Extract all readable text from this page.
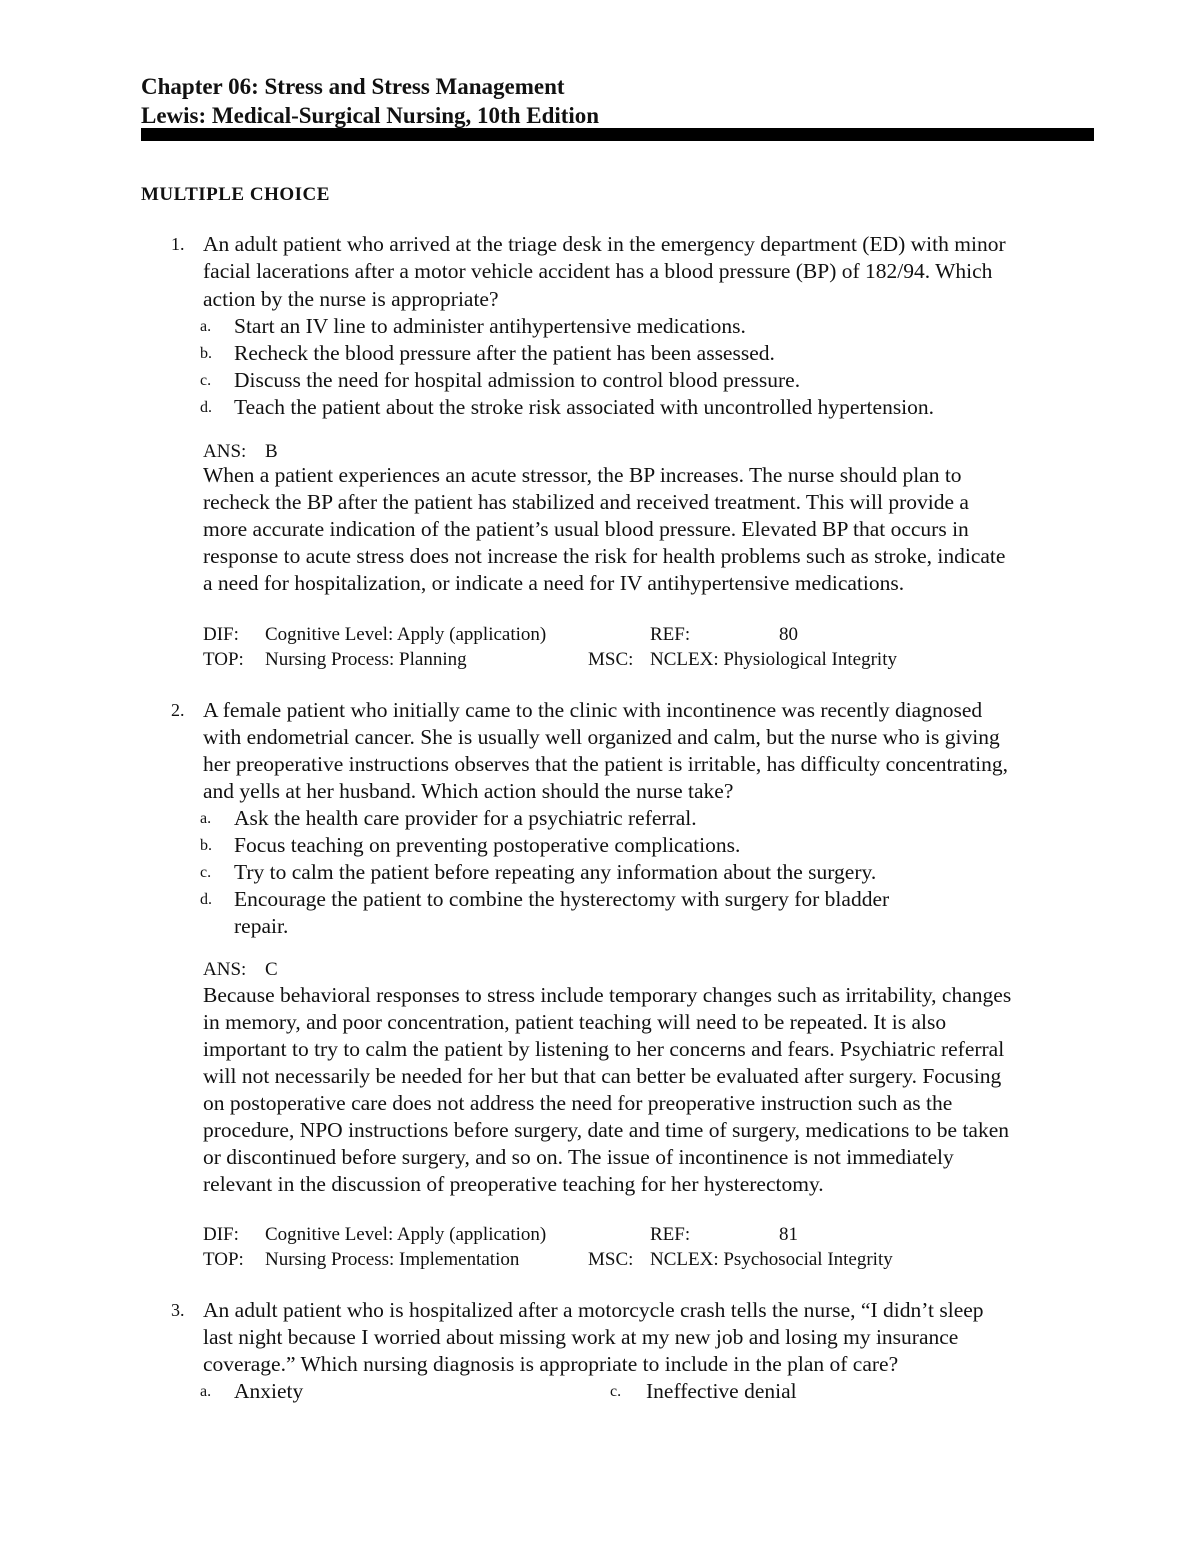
Chapter 06: Stress and Stress Management
Lewis: Medical-Surgical Nursing, 10th Edition
MULTIPLE CHOICE
1. An adult patient who arrived at the triage desk in the emergency department (ED) with minor
facial lacerations after a motor vehicle accident has a blood pressure (BP) of 182/94. Which
action by the nurse is appropriate?
a. Start an IV line to administer antihypertensive medications.
b. Recheck the blood pressure after the patient has been assessed.
c. Discuss the need for hospital admission to control blood pressure.
d. Teach the patient about the stroke risk associated with uncontrolled hypertension.
ANS: B
When a patient experiences an acute stressor, the BP increases. The nurse should plan to
recheck the BP after the patient has stabilized and received treatment. This will provide a
more accurate indication of the patient’s usual blood pressure. Elevated BP that occurs in
response to acute stress does not increase the risk for health problems such as stroke, indicate
a need for hospitalization, or indicate a need for IV antihypertensive medications.
DIF: Cognitive Level: Apply (application)	REF:	80
TOP: Nursing Process: Planning	MSC: NCLEX: Physiological Integrity
2. A female patient who initially came to the clinic with incontinence was recently diagnosed
with endometrial cancer. She is usually well organized and calm, but the nurse who is giving
her preoperative instructions observes that the patient is irritable, has difficulty concentrating,
and yells at her husband. Which action should the nurse take?
a. Ask the health care provider for a psychiatric referral.
b. Focus teaching on preventing postoperative complications.
c. Try to calm the patient before repeating any information about the surgery.
d. Encourage the patient to combine the hysterectomy with surgery for bladder
repair.
ANS: C
Because behavioral responses to stress include temporary changes such as irritability, changes
in memory, and poor concentration, patient teaching will need to be repeated. It is also
important to try to calm the patient by listening to her concerns and fears. Psychiatric referral
will not necessarily be needed for her but that can better be evaluated after surgery. Focusing
on postoperative care does not address the need for preoperative instruction such as the
procedure, NPO instructions before surgery, date and time of surgery, medications to be taken
or discontinued before surgery, and so on. The issue of incontinence is not immediately
relevant in the discussion of preoperative teaching for her hysterectomy.
DIF: Cognitive Level: Apply (application)	REF:	81
TOP: Nursing Process: Implementation	MSC: NCLEX: Psychosocial Integrity
3. An adult patient who is hospitalized after a motorcycle crash tells the nurse, “I didn’t sleep
last night because I worried about missing work at my new job and losing my insurance
coverage.” Which nursing diagnosis is appropriate to include in the plan of care?
a. Anxiety	c. Ineffective denial
